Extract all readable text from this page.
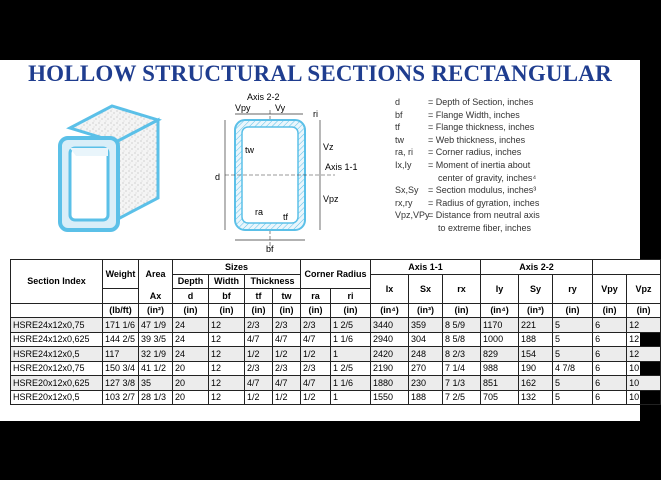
HOLLOW STRUCTURAL SECTIONS RECTANGULAR
Axis 2-2
Vpy	Vy
ri
Vz
Axis 1-1
Vpz
tw
d
ra tf
bf
d	= Depth of Section, inches
bf	= Flange Width, inches
tf	= Flange thickness, inches
tw	= Web thickness, inches
ra, ri = Corner radius, inches
Ix,Iy = Moment of inertia about
center of gravity, inches⁴
Sx,Sy = Section modulus, inches³
rx,ry = Radius of gyration, inches
Vpz,VPy
= Distance from neutral axis
to extreme fiber, inches
Section Index	Weight	Area	Sizes				Corner Radius		Axis 1-1			Axis 2-2				
			Depth	Width	Thickness				Ix	Sx	rx	Iy	Sy	ry	Vpy	Vpz
		Ax	d	bf	tf	tw	ra	ri								
	(lb/ft)	(in²)	(in)	(in)	(in)	(in)	(in)	(in)	(in⁴)	(in³)	(in)	(in⁴)	(in³)	(in)	(in)	(in)
HSRE24x12x0,75	171 1/6	47 1/9	24	12	2/3	2/3	2/3	1 2/5	3440	359	8 5/9	1170	221	5	6	12
HSRE24x12x0,625	144 2/5	39 3/5	24	12	4/7	4/7	4/7	1 1/6	2940	304	8 5/8	1000	188	5	6	12
HSRE24x12x0,5	117	32 1/9	24	12	1/2	1/2	1/2	1	2420	248	8 2/3	829	154	5	6	12
HSRE20x12x0,75	150 3/4	41 1/2	20	12	2/3	2/3	2/3	1 2/5	2190	270	7 1/4	988	190	4 7/8	6	10
HSRE20x12x0,625	127 3/8	35	20	12	4/7	4/7	4/7	1 1/6	1880	230	7 1/3	851	162	5	6	10
HSRE20x12x0,5	103 2/7	28 1/3	20	12	1/2	1/2	1/2	1	1550	188	7 2/5	705	132	5	6	10
